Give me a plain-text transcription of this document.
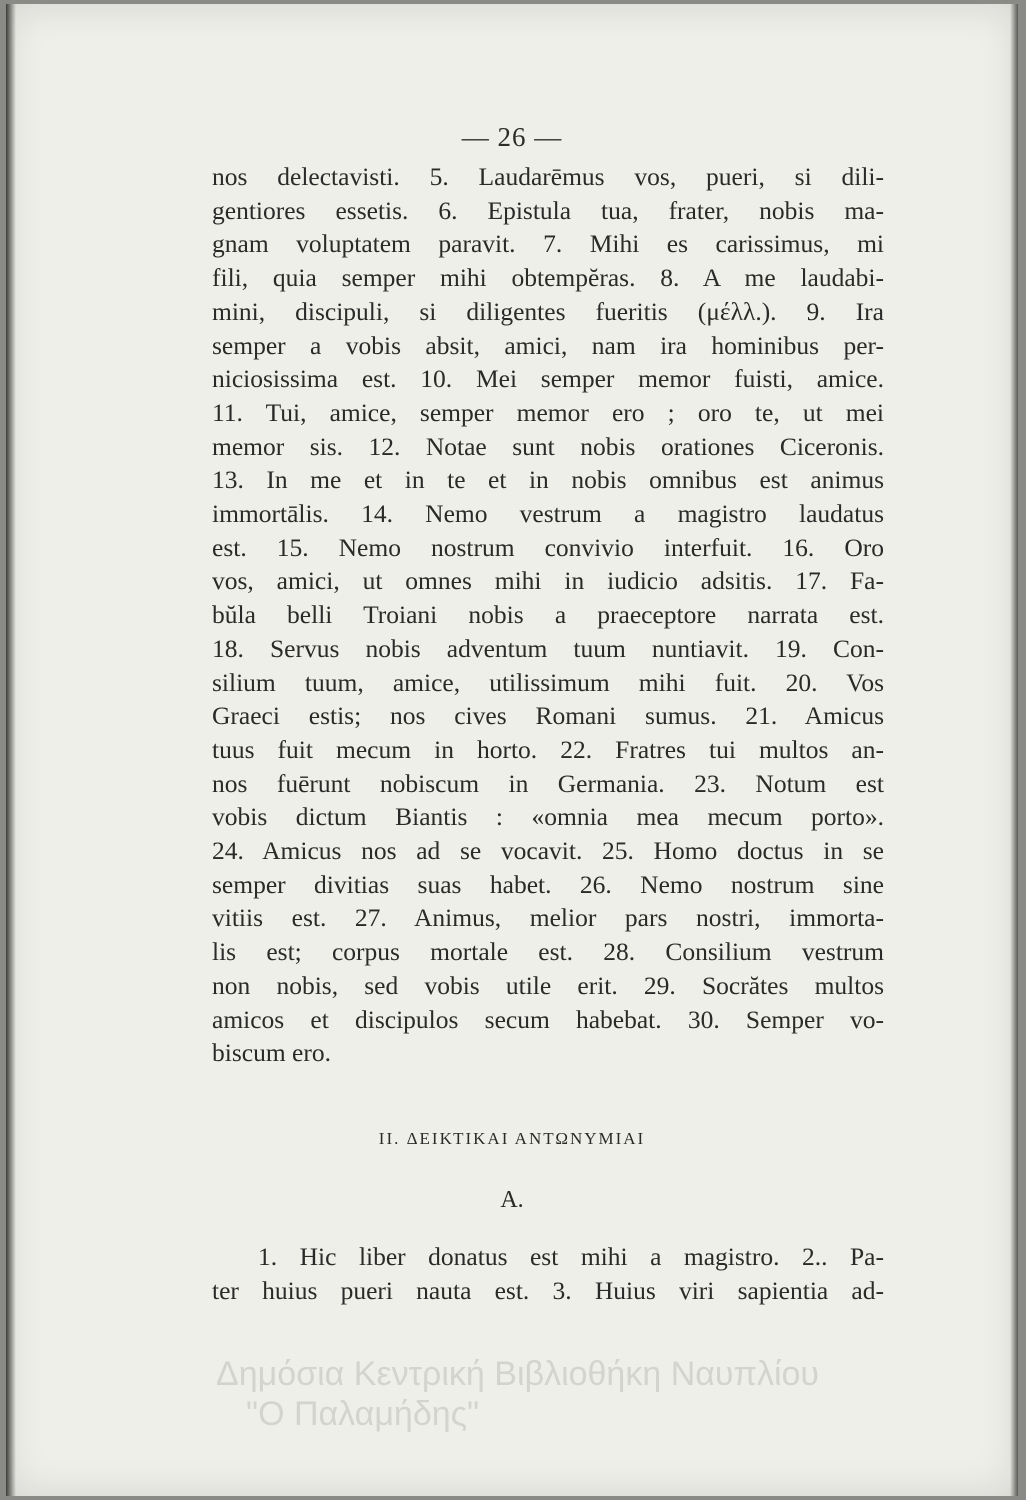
— 26 —
nos delectavisti. 5. Laudarēmus vos, pueri, si dili-
gentiores essetis. 6. Epistula tua, frater, nobis ma-
gnam voluptatem paravit. 7. Mihi es carissimus, mi
fili, quia semper mihi obtempĕras. 8. A me laudabi-
mini, discipuli, si diligentes fueritis (μέλλ.). 9. Ira
semper a vobis absit, amici, nam ira hominibus per-
niciosissima est. 10. Mei semper memor fuisti, amice.
11. Tui, amice, semper memor ero ; oro te, ut mei
memor sis. 12. Notae sunt nobis orationes Ciceronis.
13. In me et in te et in nobis omnibus est animus
immortālis. 14. Nemo vestrum a magistro laudatus
est. 15. Nemo nostrum convivio interfuit. 16. Oro
vos, amici, ut omnes mihi in iudicio adsitis. 17. Fa-
bŭla belli Troiani nobis a praeceptore narrata est.
18. Servus nobis adventum tuum nuntiavit. 19. Con-
silium tuum, amice, utilissimum mihi fuit. 20. Vos
Graeci estis; nos cives Romani sumus. 21. Amicus
tuus fuit mecum in horto. 22. Fratres tui multos an-
nos fuērunt nobiscum in Germania. 23. Notum est
vobis dictum Biantis : «omnia mea mecum porto».
24. Amicus nos ad se vocavit. 25. Homo doctus in se
semper divitias suas habet. 26. Nemo nostrum sine
vitiis est. 27. Animus, melior pars nostri, immorta-
lis est; corpus mortale est. 28. Consilium vestrum
non nobis, sed vobis utile erit. 29. Socrătes multos
amicos et discipulos secum habebat. 30. Semper vo-
biscum ero.
II. ΔΕΙΚΤΙΚΑΙ ΑΝΤΩΝΥΜΙΑΙ
A.
1. Hic liber donatus est mihi a magistro. 2.. Pa-
ter huius pueri nauta est. 3. Huius viri sapientia ad-
Δημόσια Κεντρική Βιβλιοθήκη Ναυπλίου
"Ο Παλαμήδης"
